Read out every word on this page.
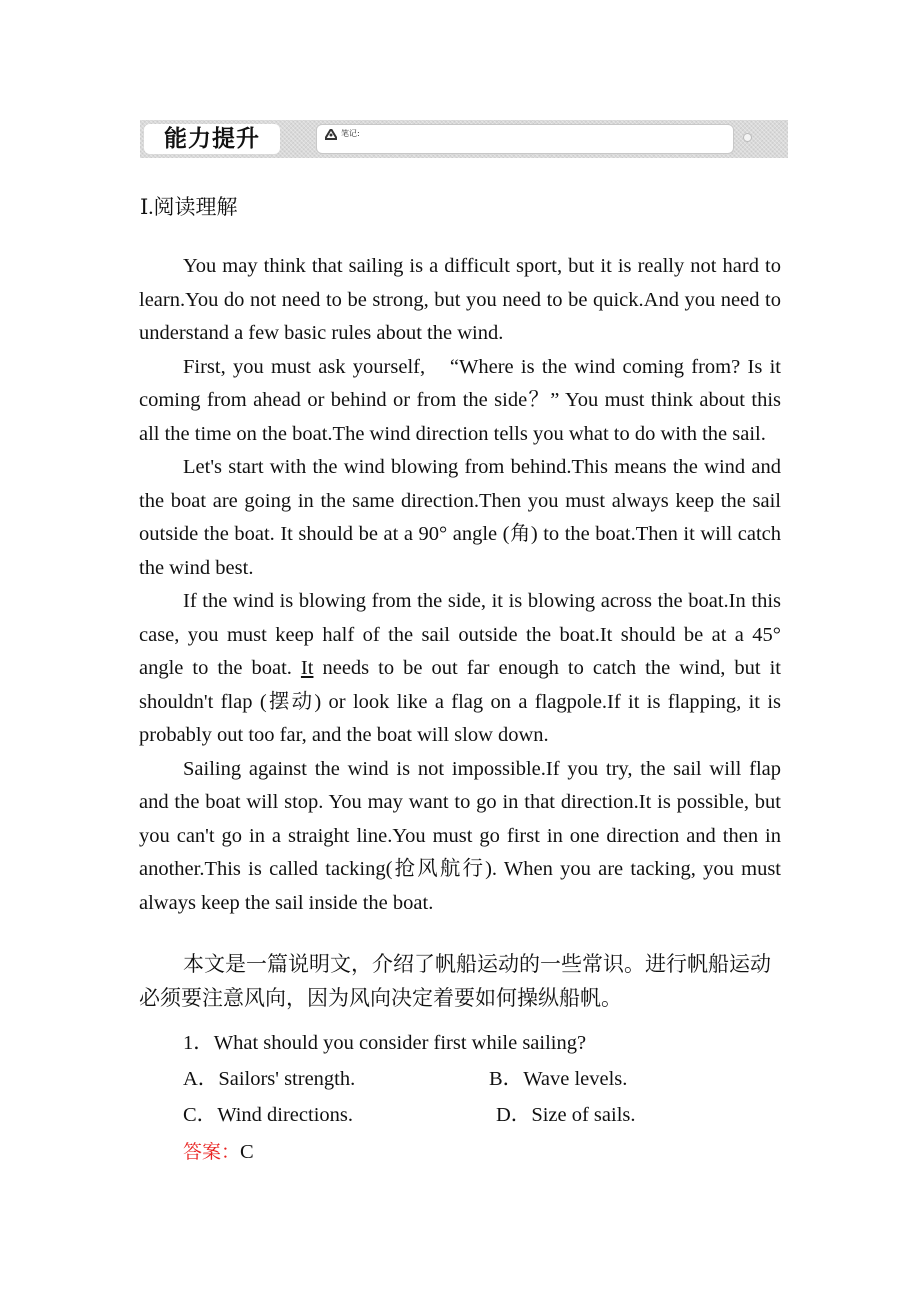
能力提升	笔记:
Ⅰ.阅读理解

You may think that sailing is a difficult sport, but it is really not hard to learn.You do not need to be strong, but you need to be quick.And you need to understand a few basic rules about the wind.

First, you must ask yourself,　“Where is the wind coming from? Is it coming from ahead or behind or from the side？” You must think about this all the time on the boat.The wind direction tells you what to do with the sail.

Let's start with the wind blowing from behind.This means the wind and the boat are going in the same direction.Then you must always keep the sail outside the boat. It should be at a 90° angle (角) to the boat.Then it will catch the wind best.

If the wind is blowing from the side, it is blowing across the boat.In this case, you must keep half of the sail outside the boat.It should be at a 45° angle to the boat. It needs to be out far enough to catch the wind, but it shouldn't flap (摆动) or look like a flag on a flagpole.If it is flapping, it is probably out too far, and the boat will slow down.

Sailing against the wind is not impossible.If you try, the sail will flap and the boat will stop. You may want to go in that direction.It is possible, but you can't go in a straight line.You must go first in one direction and then in another.This is called tacking(抢风航行). When you are tacking, you must always keep the sail inside the boat.

本文是一篇说明文，介绍了帆船运动的一些常识。进行帆船运动必须要注意风向，因为风向决定着要如何操纵船帆。
1．What should you consider first while sailing?
A．Sailors' strength.	B．Wave levels.
C．Wind directions.	D．Size of sails.
答案：C
